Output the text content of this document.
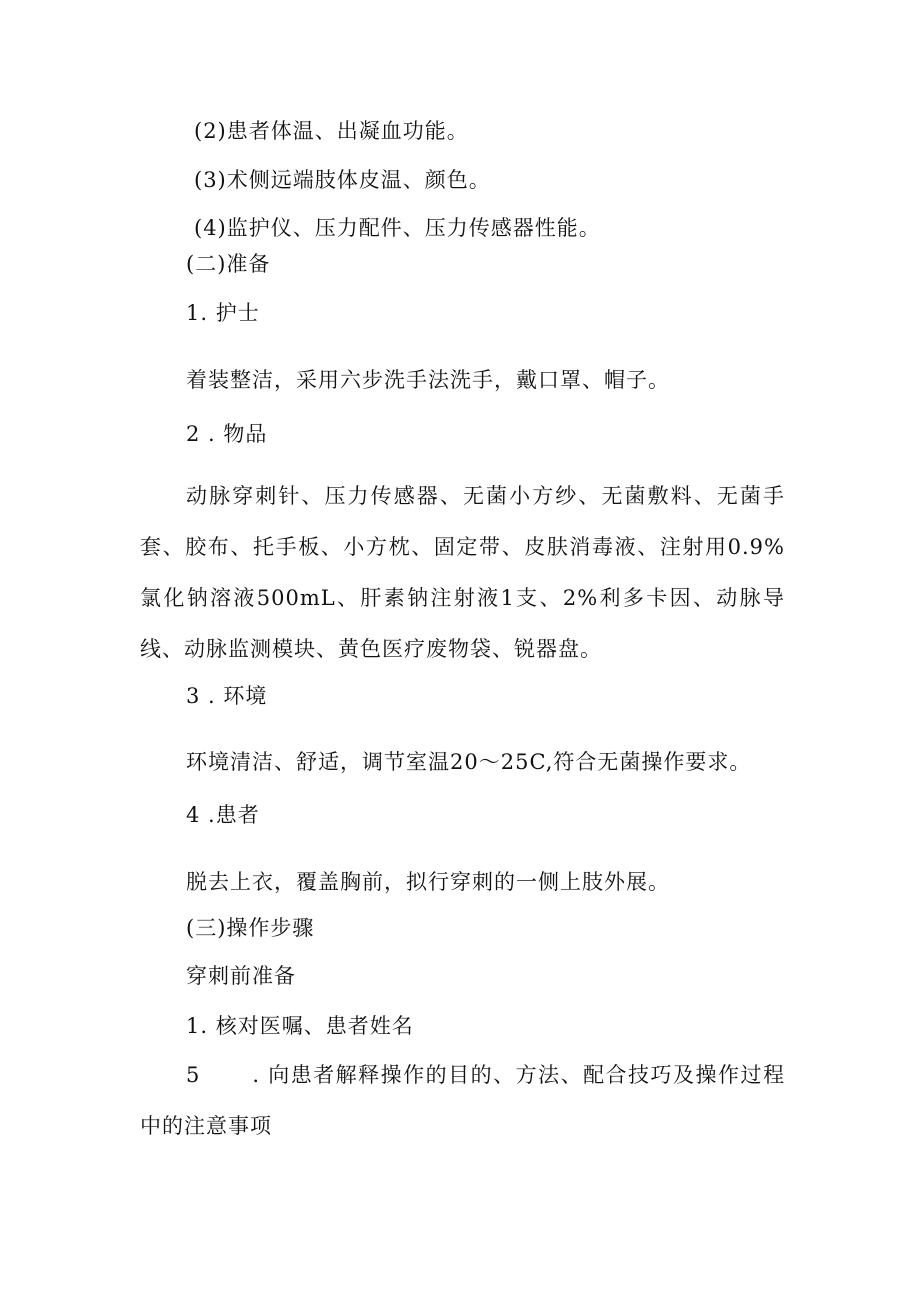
(2)患者体温、出凝血功能。
(3)术侧远端肢体皮温、颜色。
(4)监护仪、压力配件、压力传感器性能。
(二)准备
1. 护士
着装整洁，采用六步洗手法洗手，戴口罩、帽子。
2 . 物品
动脉穿刺针、压力传感器、无菌小方纱、无菌敷料、无菌手套、胶布、托手板、小方枕、固定带、皮肤消毒液、注射用0.9%氯化钠溶液500mL、肝素钠注射液1支、2%利多卡因、动脉导线、动脉监测模块、黄色医疗废物袋、锐器盘。
3 . 环境
环境清洁、舒适，调节室温20～25C,符合无菌操作要求。
4 .患者
脱去上衣，覆盖胸前，拟行穿刺的一侧上肢外展。
(三)操作步骤
穿刺前准备
1. 核对医嘱、患者姓名
5 . 向患者解释操作的目的、方法、配合技巧及操作过程中的注意事项
